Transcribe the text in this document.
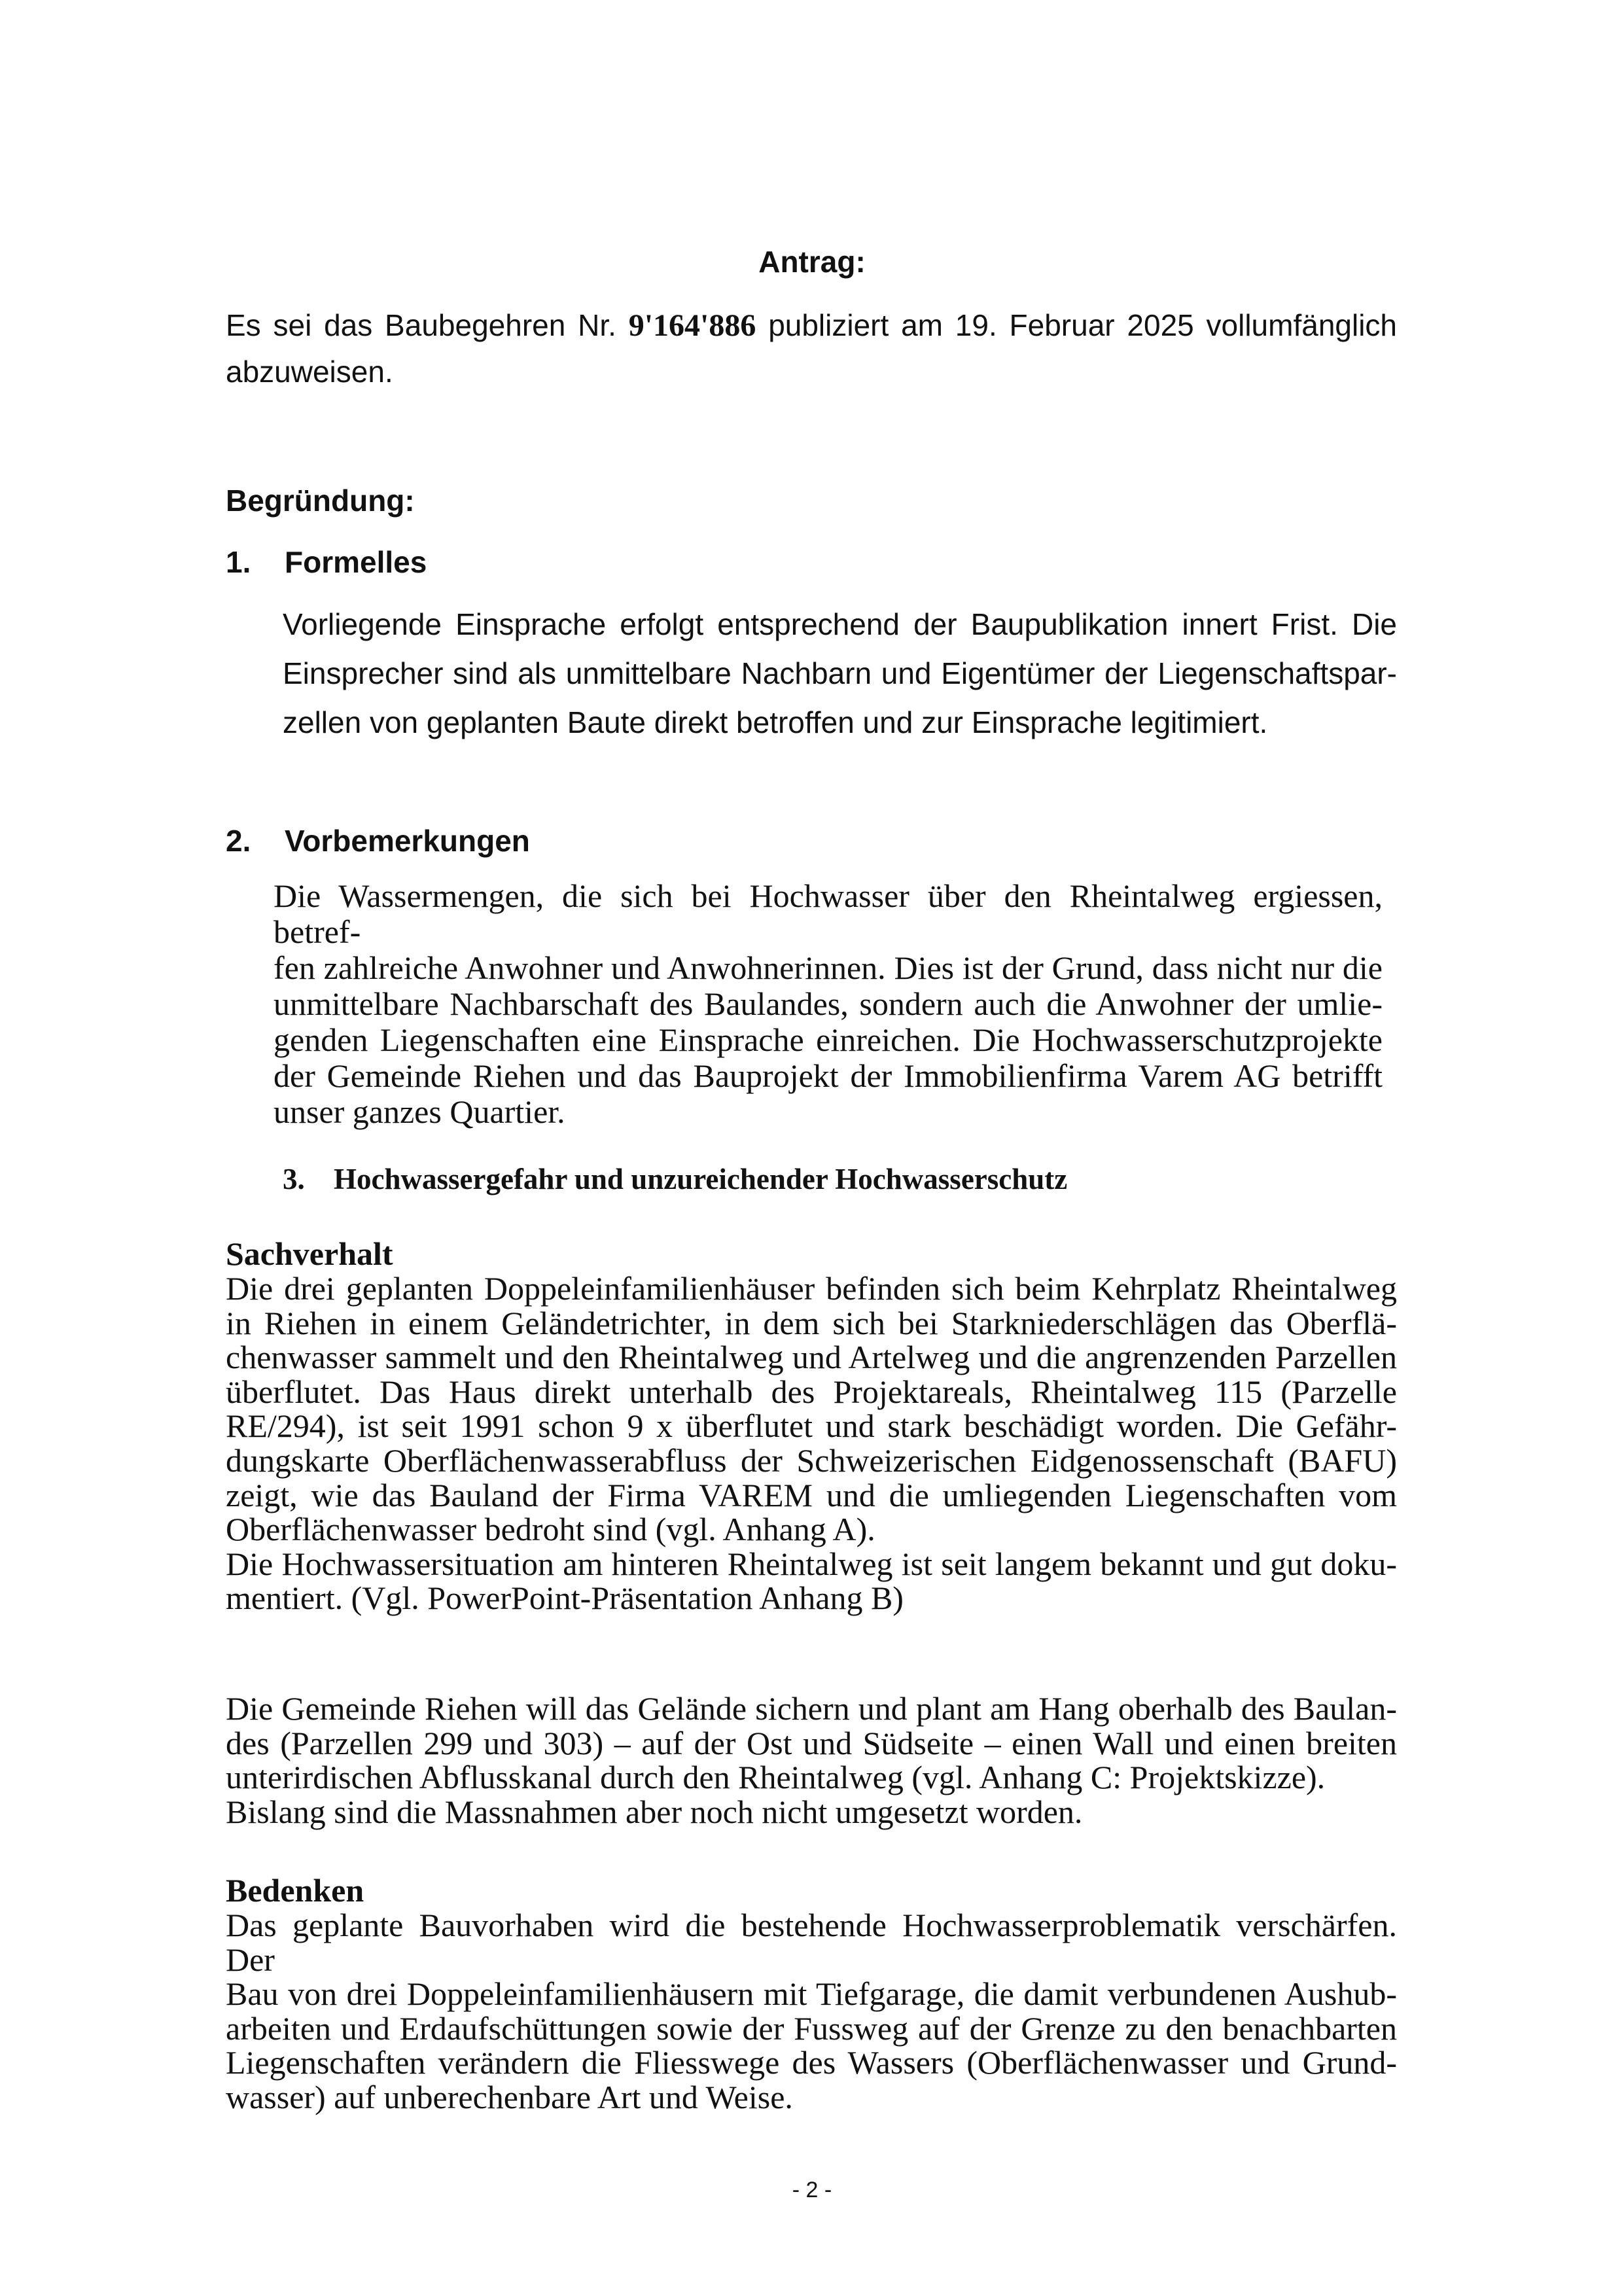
Antrag:
Es sei das Baubegehren Nr. 9'164'886 publiziert am 19. Februar 2025 vollumfänglich abzuweisen.
Begründung:
1. Formelles
Vorliegende Einsprache erfolgt entsprechend der Baupublikation innert Frist. Die
Einsprecher sind als unmittelbare Nachbarn und Eigentümer der Liegenschaftspar-
zellen von geplanten Baute direkt betroffen und zur Einsprache legitimiert.
2. Vorbemerkungen
Die Wassermengen, die sich bei Hochwasser über den Rheintalweg ergiessen, betref-
fen zahlreiche Anwohner und Anwohnerinnen. Dies ist der Grund, dass nicht nur die
unmittelbare Nachbarschaft des Baulandes, sondern auch die Anwohner der umlie-
genden Liegenschaften eine Einsprache einreichen. Die Hochwasserschutzprojekte
der Gemeinde Riehen und das Bauprojekt der Immobilienfirma Varem AG betrifft
unser ganzes Quartier.
3. Hochwassergefahr und unzureichender Hochwasserschutz
Sachverhalt
Die drei geplanten Doppeleinfamilienhäuser befinden sich beim Kehrplatz Rheintalweg
in Riehen in einem Geländetrichter, in dem sich bei Starkniederschlägen das Oberflä-
chenwasser sammelt und den Rheintalweg und Artelweg und die angrenzenden Parzellen
überflutet. Das Haus direkt unterhalb des Projektareals, Rheintalweg 115 (Parzelle
RE/294), ist seit 1991 schon 9 x überflutet und stark beschädigt worden. Die Gefähr-
dungskarte Oberflächenwasserabfluss der Schweizerischen Eidgenossenschaft (BAFU)
zeigt, wie das Bauland der Firma VAREM und die umliegenden Liegenschaften vom
Oberflächenwasser bedroht sind (vgl. Anhang A).
Die Hochwassersituation am hinteren Rheintalweg ist seit langem bekannt und gut doku-
mentiert. (Vgl. PowerPoint-Präsentation Anhang B)
Die Gemeinde Riehen will das Gelände sichern und plant am Hang oberhalb des Baulan-
des (Parzellen 299 und 303) – auf der Ost und Südseite – einen Wall und einen breiten
unterirdischen Abflusskanal durch den Rheintalweg (vgl. Anhang C: Projektskizze).
Bislang sind die Massnahmen aber noch nicht umgesetzt worden.
Bedenken
Das geplante Bauvorhaben wird die bestehende Hochwasserproblematik verschärfen. Der
Bau von drei Doppeleinfamilienhäusern mit Tiefgarage, die damit verbundenen Aushub-
arbeiten und Erdaufschüttungen sowie der Fussweg auf der Grenze zu den benachbarten
Liegenschaften verändern die Fliesswege des Wassers (Oberflächenwasser und Grund-
wasser) auf unberechenbare Art und Weise.
- 2 -
